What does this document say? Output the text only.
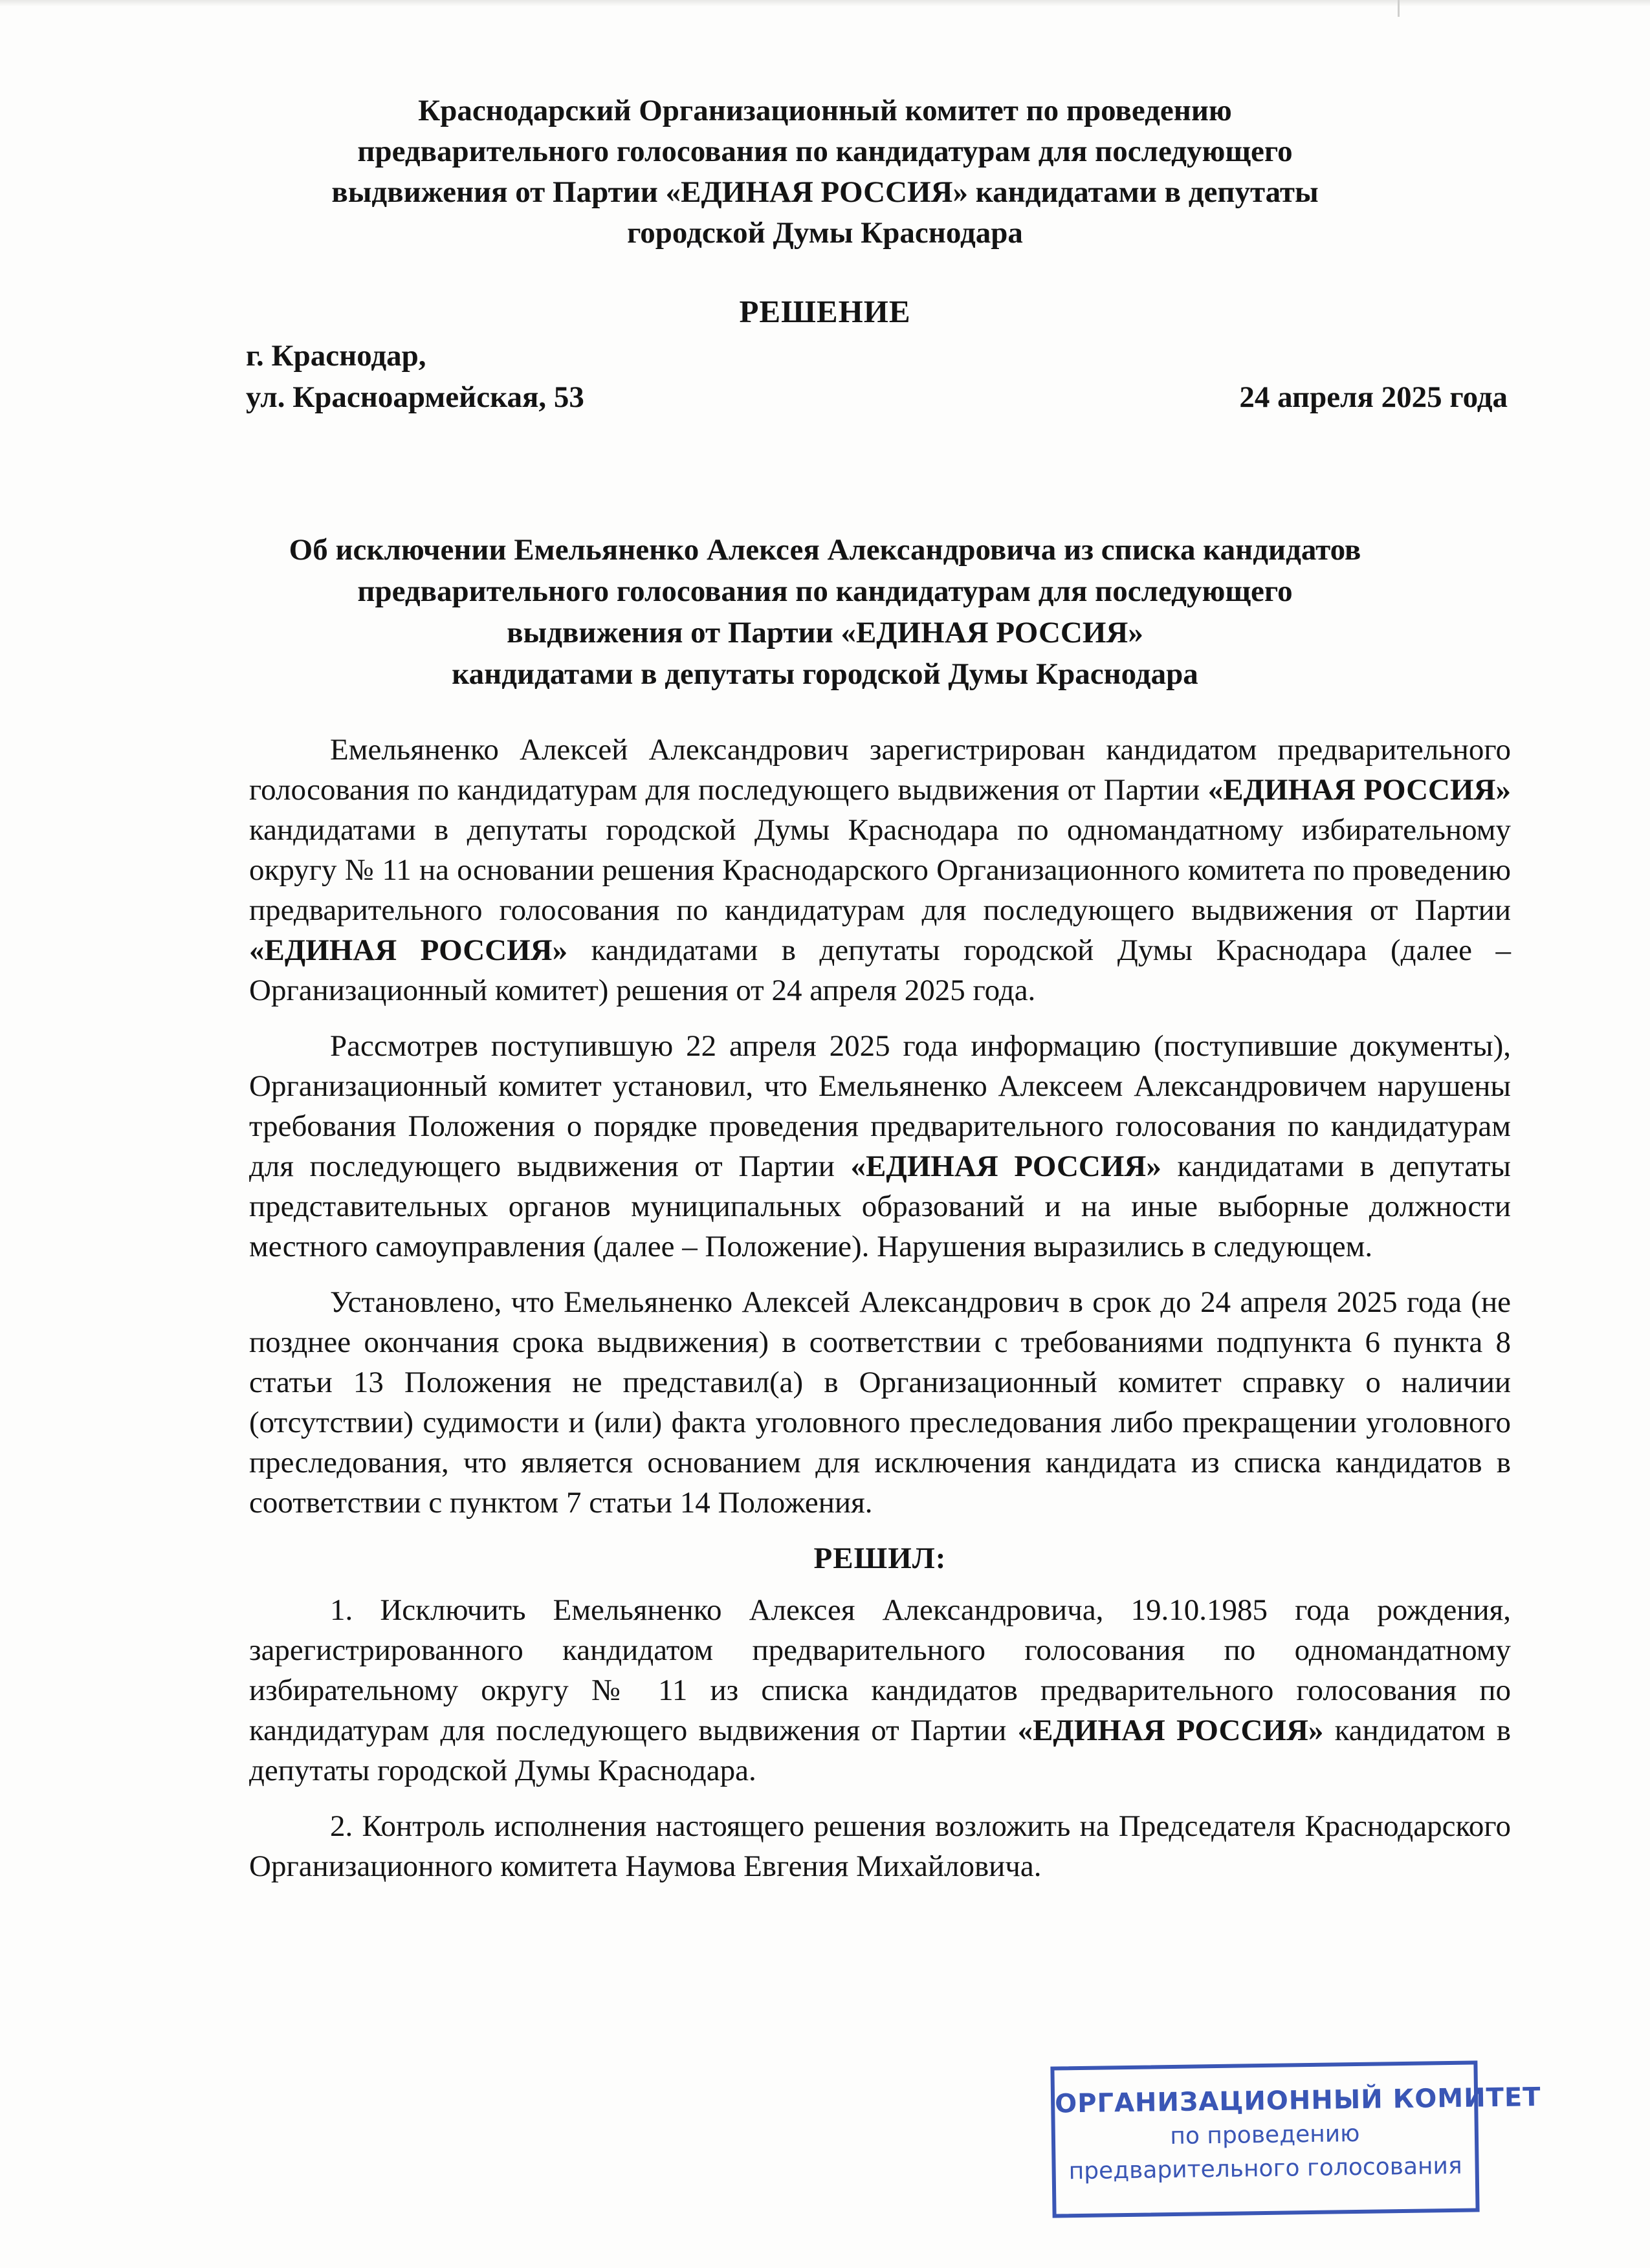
Краснодарский Организационный комитет по проведению
предварительного голосования по кандидатурам для последующего
выдвижения от Партии «ЕДИНАЯ РОССИЯ» кандидатами в депутаты
городской Думы Краснодара
РЕШЕНИЕ
г. Краснодар,
ул. Красноармейская, 53	24 апреля 2025 года
Об исключении Емельяненко Алексея Александровича из списка кандидатов
предварительного голосования по кандидатурам для последующего
выдвижения от Партии «ЕДИНАЯ РОССИЯ»
кандидатами в депутаты городской Думы Краснодара

Емельяненко Алексей Александрович зарегистрирован кандидатом предварительного голосования по кандидатурам для последующего выдвижения от Партии «ЕДИНАЯ РОССИЯ» кандидатами в депутаты городской Думы Краснодара по одномандатному избирательному округу № 11 на основании решения Краснодарского Организационного комитета по проведению предварительного голосования по кандидатурам для последующего выдвижения от Партии «ЕДИНАЯ РОССИЯ» кандидатами в депутаты городской Думы Краснодара (далее – Организационный комитет) решения от 24 апреля 2025 года.

Рассмотрев поступившую 22 апреля 2025 года информацию (поступившие документы), Организационный комитет установил, что Емельяненко Алексеем Александровичем нарушены требования Положения о порядке проведения предварительного голосования по кандидатурам для последующего выдвижения от Партии «ЕДИНАЯ РОССИЯ» кандидатами в депутаты представительных органов муниципальных образований и на иные выборные должности местного самоуправления (далее – Положение). Нарушения выразились в следующем.

Установлено, что Емельяненко Алексей Александрович в срок до 24 апреля 2025 года (не позднее окончания срока выдвижения) в соответствии с требованиями подпункта 6 пункта 8 статьи 13 Положения не представил(а) в Организационный комитет справку о наличии (отсутствии) судимости и (или) факта уголовного преследования либо прекращении уголовного преследования, что является основанием для исключения кандидата из списка кандидатов в соответствии с пунктом 7 статьи 14 Положения.

РЕШИЛ:

1. Исключить Емельяненко Алексея Александровича, 19.10.1985 года рождения, зарегистрированного кандидатом предварительного голосования по одномандатному избирательному округу № 11 из списка кандидатов предварительного голосования по кандидатурам для последующего выдвижения от Партии «ЕДИНАЯ РОССИЯ» кандидатом в депутаты городской Думы Краснодара.

2. Контроль исполнения настоящего решения возложить на Председателя Краснодарского Организационного комитета Наумова Евгения Михайловича.

ОРГАНИЗАЦИОННЫЙ КОМИТЕТ
по проведению
предварительного голосования
